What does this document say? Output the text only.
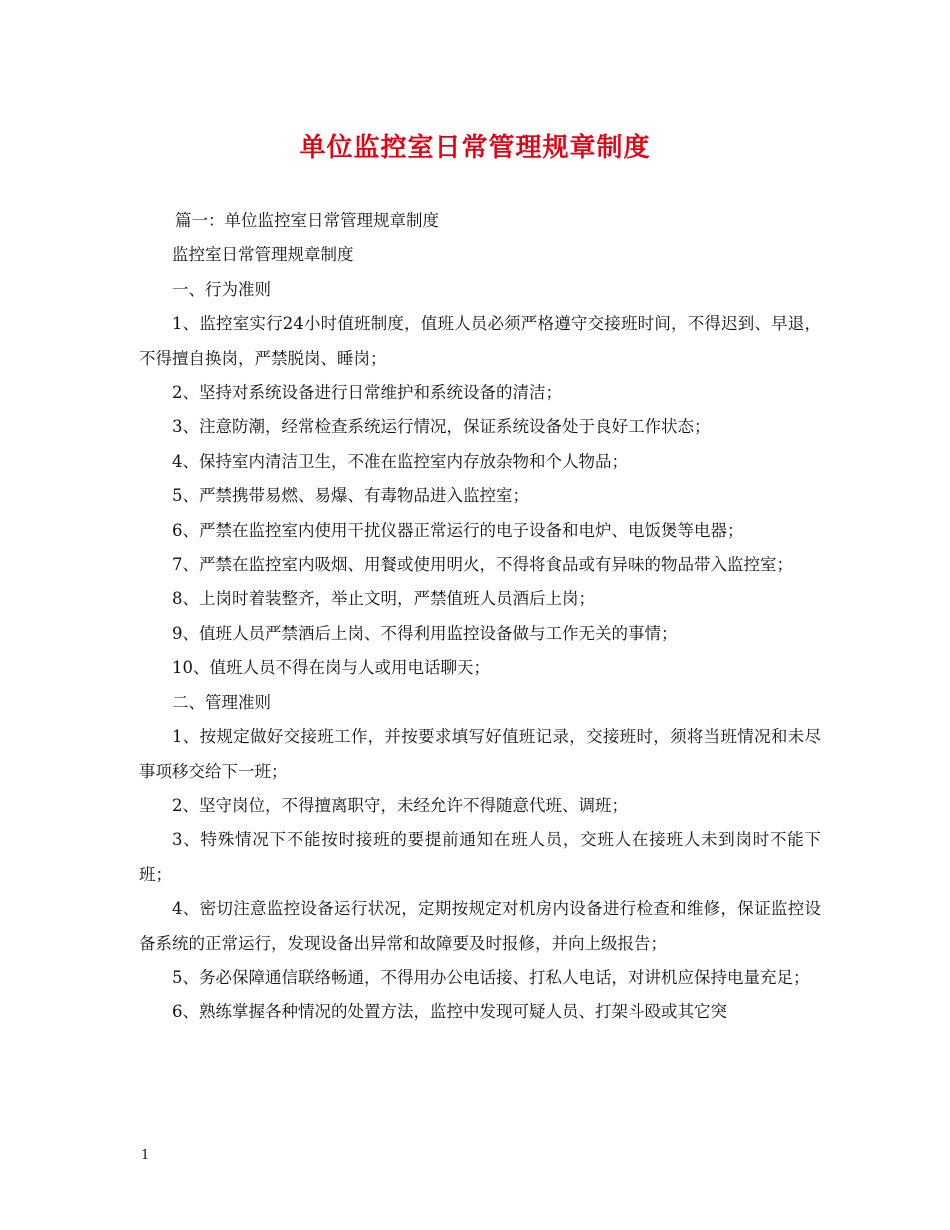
单位监控室日常管理规章制度

篇一：单位监控室日常管理规章制度

监控室日常管理规章制度

一、行为准则

1、监控室实行24小时值班制度，值班人员必须严格遵守交接班时间，不得迟到、早退，不得擅自换岗，严禁脱岗、睡岗；

2、坚持对系统设备进行日常维护和系统设备的清洁；

3、注意防潮，经常检查系统运行情况，保证系统设备处于良好工作状态；

4、保持室内清洁卫生，不准在监控室内存放杂物和个人物品；

5、严禁携带易燃、易爆、有毒物品进入监控室；

6、严禁在监控室内使用干扰仪器正常运行的电子设备和电炉、电饭煲等电器；

7、严禁在监控室内吸烟、用餐或使用明火，不得将食品或有异味的物品带入监控室；

8、上岗时着装整齐，举止文明，严禁值班人员酒后上岗；

9、值班人员严禁酒后上岗、不得利用监控设备做与工作无关的事情；

10、值班人员不得在岗与人或用电话聊天；

二、管理准则

1、按规定做好交接班工作，并按要求填写好值班记录，交接班时，须将当班情况和未尽事项移交给下一班；

2、坚守岗位，不得擅离职守，未经允许不得随意代班、调班；

3、特殊情况下不能按时接班的要提前通知在班人员，交班人在接班人未到岗时不能下班；

4、密切注意监控设备运行状况，定期按规定对机房内设备进行检查和维修，保证监控设备系统的正常运行，发现设备出异常和故障要及时报修，并向上级报告；

5、务必保障通信联络畅通，不得用办公电话接、打私人电话，对讲机应保持电量充足；

6、熟练掌握各种情况的处置方法，监控中发现可疑人员、打架斗殴或其它突

1
